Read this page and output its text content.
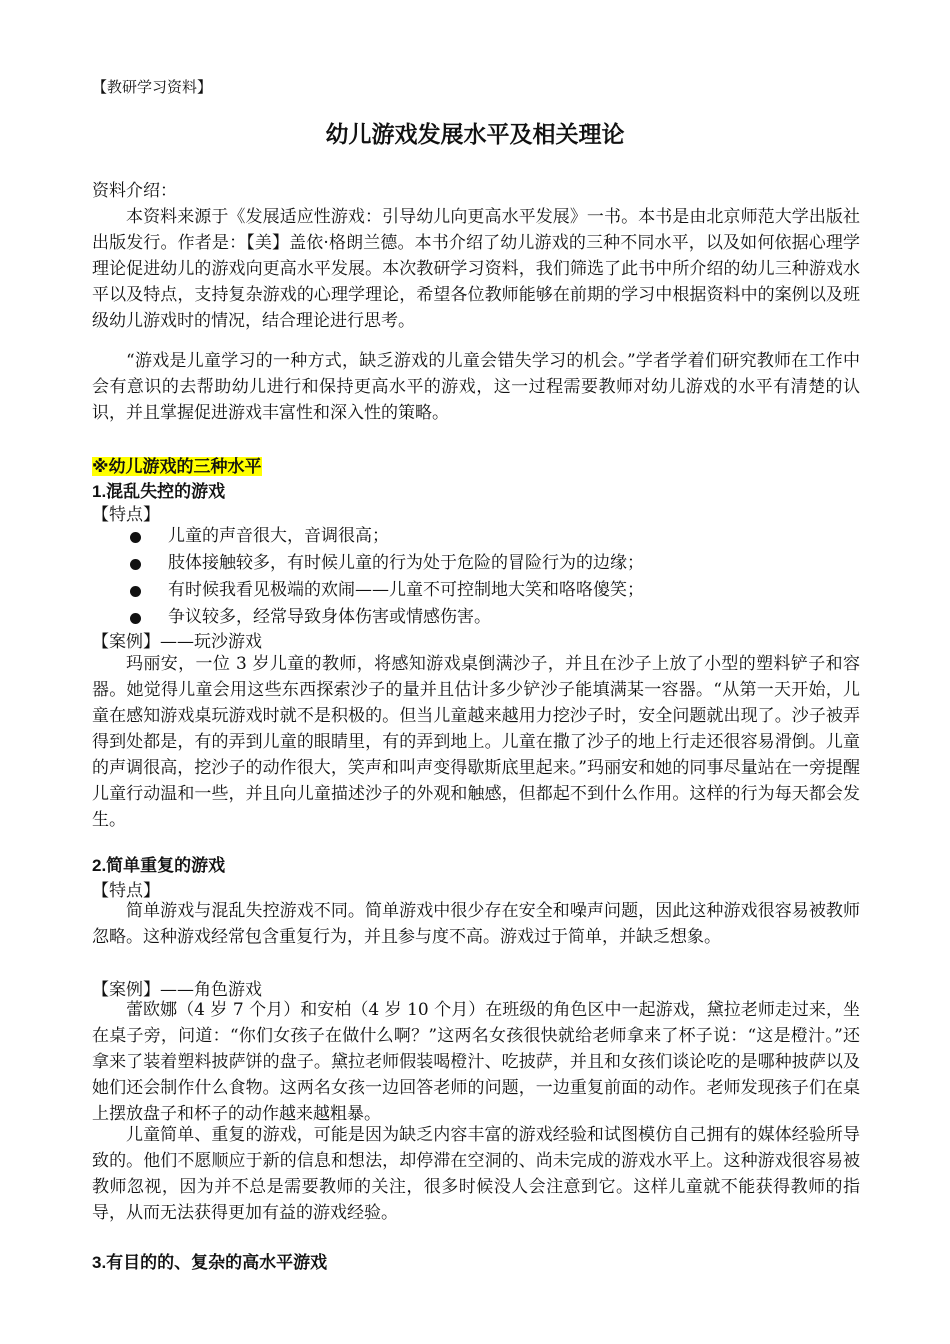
【教研学习资料】
幼儿游戏发展水平及相关理论
资料介绍：
本资料来源于《发展适应性游戏：引导幼儿向更高水平发展》一书。本书是由北京师范大学出版社出版发行。作者是：【美】盖依·格朗兰德。本书介绍了幼儿游戏的三种不同水平，以及如何依据心理学理论促进幼儿的游戏向更高水平发展。本次教研学习资料，我们筛选了此书中所介绍的幼儿三种游戏水平以及特点，支持复杂游戏的心理学理论，希望各位教师能够在前期的学习中根据资料中的案例以及班级幼儿游戏时的情况，结合理论进行思考。
“游戏是儿童学习的一种方式，缺乏游戏的儿童会错失学习的机会。”学者学着们研究教师在工作中会有意识的去帮助幼儿进行和保持更高水平的游戏，这一过程需要教师对幼儿游戏的水平有清楚的认识，并且掌握促进游戏丰富性和深入性的策略。
※幼儿游戏的三种水平
1.混乱失控的游戏
【特点】
儿童的声音很大，音调很高；
肢体接触较多，有时候儿童的行为处于危险的冒险行为的边缘；
有时候我看见极端的欢闹——儿童不可控制地大笑和咯咯傻笑；
争议较多，经常导致身体伤害或情感伤害。
【案例】——玩沙游戏
玛丽安，一位 3 岁儿童的教师，将感知游戏桌倒满沙子，并且在沙子上放了小型的塑料铲子和容器。她觉得儿童会用这些东西探索沙子的量并且估计多少铲沙子能填满某一容器。“从第一天开始，儿童在感知游戏桌玩游戏时就不是积极的。但当儿童越来越用力挖沙子时，安全问题就出现了。沙子被弄得到处都是，有的弄到儿童的眼睛里，有的弄到地上。儿童在撒了沙子的地上行走还很容易滑倒。儿童的声调很高，挖沙子的动作很大，笑声和叫声变得歇斯底里起来。”玛丽安和她的同事尽量站在一旁提醒儿童行动温和一些，并且向儿童描述沙子的外观和触感，但都起不到什么作用。这样的行为每天都会发生。
2.简单重复的游戏
【特点】
简单游戏与混乱失控游戏不同。简单游戏中很少存在安全和噪声问题，因此这种游戏很容易被教师忽略。这种游戏经常包含重复行为，并且参与度不高。游戏过于简单，并缺乏想象。
【案例】——角色游戏
蕾欧娜（4 岁 7 个月）和安柏（4 岁 10 个月）在班级的角色区中一起游戏，黛拉老师走过来，坐在桌子旁，问道：“你们女孩子在做什么啊？”这两名女孩很快就给老师拿来了杯子说：“这是橙汁。”还拿来了装着塑料披萨饼的盘子。黛拉老师假装喝橙汁、吃披萨，并且和女孩们谈论吃的是哪种披萨以及她们还会制作什么食物。这两名女孩一边回答老师的问题，一边重复前面的动作。老师发现孩子们在桌上摆放盘子和杯子的动作越来越粗暴。
儿童简单、重复的游戏，可能是因为缺乏内容丰富的游戏经验和试图模仿自己拥有的媒体经验所导致的。他们不愿顺应于新的信息和想法，却停滞在空洞的、尚未完成的游戏水平上。这种游戏很容易被教师忽视，因为并不总是需要教师的关注，很多时候没人会注意到它。这样儿童就不能获得教师的指导，从而无法获得更加有益的游戏经验。
3.有目的的、复杂的高水平游戏
